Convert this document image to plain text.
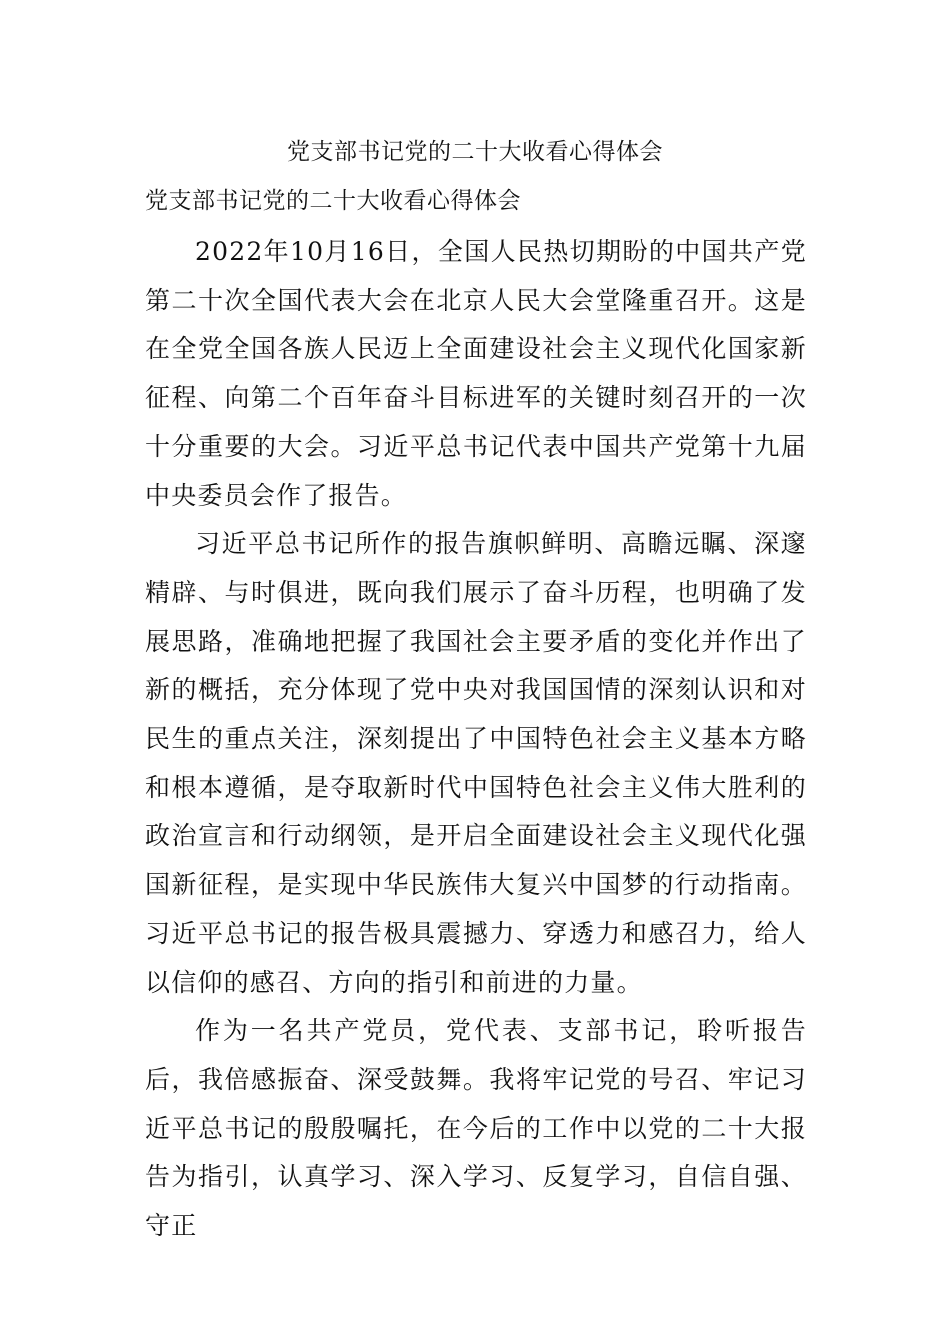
党支部书记党的二十大收看心得体会

党支部书记党的二十大收看心得体会

2022年10月16日，全国人民热切期盼的中国共产党第二十次全国代表大会在北京人民大会堂隆重召开。这是在全党全国各族人民迈上全面建设社会主义现代化国家新征程、向第二个百年奋斗目标进军的关键时刻召开的一次十分重要的大会。习近平总书记代表中国共产党第十九届中央委员会作了报告。

习近平总书记所作的报告旗帜鲜明、高瞻远瞩、深邃精辟、与时俱进，既向我们展示了奋斗历程，也明确了发展思路，准确地把握了我国社会主要矛盾的变化并作出了新的概括，充分体现了党中央对我国国情的深刻认识和对民生的重点关注，深刻提出了中国特色社会主义基本方略和根本遵循，是夺取新时代中国特色社会主义伟大胜利的政治宣言和行动纲领，是开启全面建设社会主义现代化强国新征程，是实现中华民族伟大复兴中国梦的行动指南。习近平总书记的报告极具震撼力、穿透力和感召力，给人以信仰的感召、方向的指引和前进的力量。

作为一名共产党员，党代表、支部书记，聆听报告后，我倍感振奋、深受鼓舞。我将牢记党的号召、牢记习近平总书记的殷殷嘱托，在今后的工作中以党的二十大报告为指引，认真学习、深入学习、反复学习，自信自强、守正
